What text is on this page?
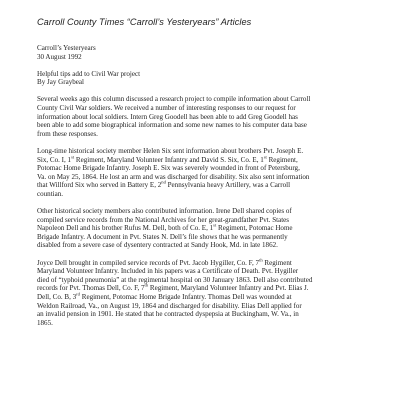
Carroll County Times “Carroll’s Yesteryears” Articles
Carroll’s Yesteryears
30 August 1992
Helpful tips add to Civil War project
By Jay Graybeal

Several weeks ago this column discussed a research project to compile information about Carroll
County Civil War soldiers. We received a number of interesting responses to our request for
information about local soldiers. Intern Greg Goodell has been able to add Greg Goodell has
been able to add some biographical information and some new names to his computer data base
from these responses.

Long-time historical society member Helen Six sent information about brothers Pvt. Joseph E.
Six, Co. I, 1st Regiment, Maryland Volunteer Infantry and David S. Six, Co. E, 1st Regiment,
Potomac Home Brigade Infantry. Joseph E. Six was severely wounded in front of Petersburg,
Va. on May 25, 1864. He lost an arm and was discharged for disability. Six also sent information
that Willford Six who served in Battery E, 2nd Pennsylvania heavy Artillery, was a Carroll
countian.

Other historical society members also contributed information. Irene Dell shared copies of
compiled service records from the National Archives for her great-grandfather Pvt. States
Napoleon Dell and his brother Rufus M. Dell, both of Co. E, 1st Regiment, Potomac Home
Brigade Infantry. A document in Pvt. States N. Dell’s file shows that he was permanently
disabled from a severe case of dysentery contracted at Sandy Hook, Md. in late 1862.

Joyce Dell brought in compiled service records of Pvt. Jacob Hygiller, Co. F, 7th Regiment
Maryland Volunteer Infantry. Included in his papers was a Certificate of Death. Pvt. Hygiller
died of “typhoid pneumonia” at the regimental hospital on 30 January 1863. Dell also contributed
records for Pvt. Thomas Dell, Co. F, 7th Regiment, Maryland Volunteer Infantry and Pvt. Elias J.
Dell, Co. B, 3rd Regiment, Potomac Home Brigade Infantry. Thomas Dell was wounded at
Weldon Railroad, Va., on August 19, 1864 and discharged for disability. Elias Dell applied for
an invalid pension in 1901. He stated that he contracted dyspepsia at Buckingham, W. Va., in
1865.
